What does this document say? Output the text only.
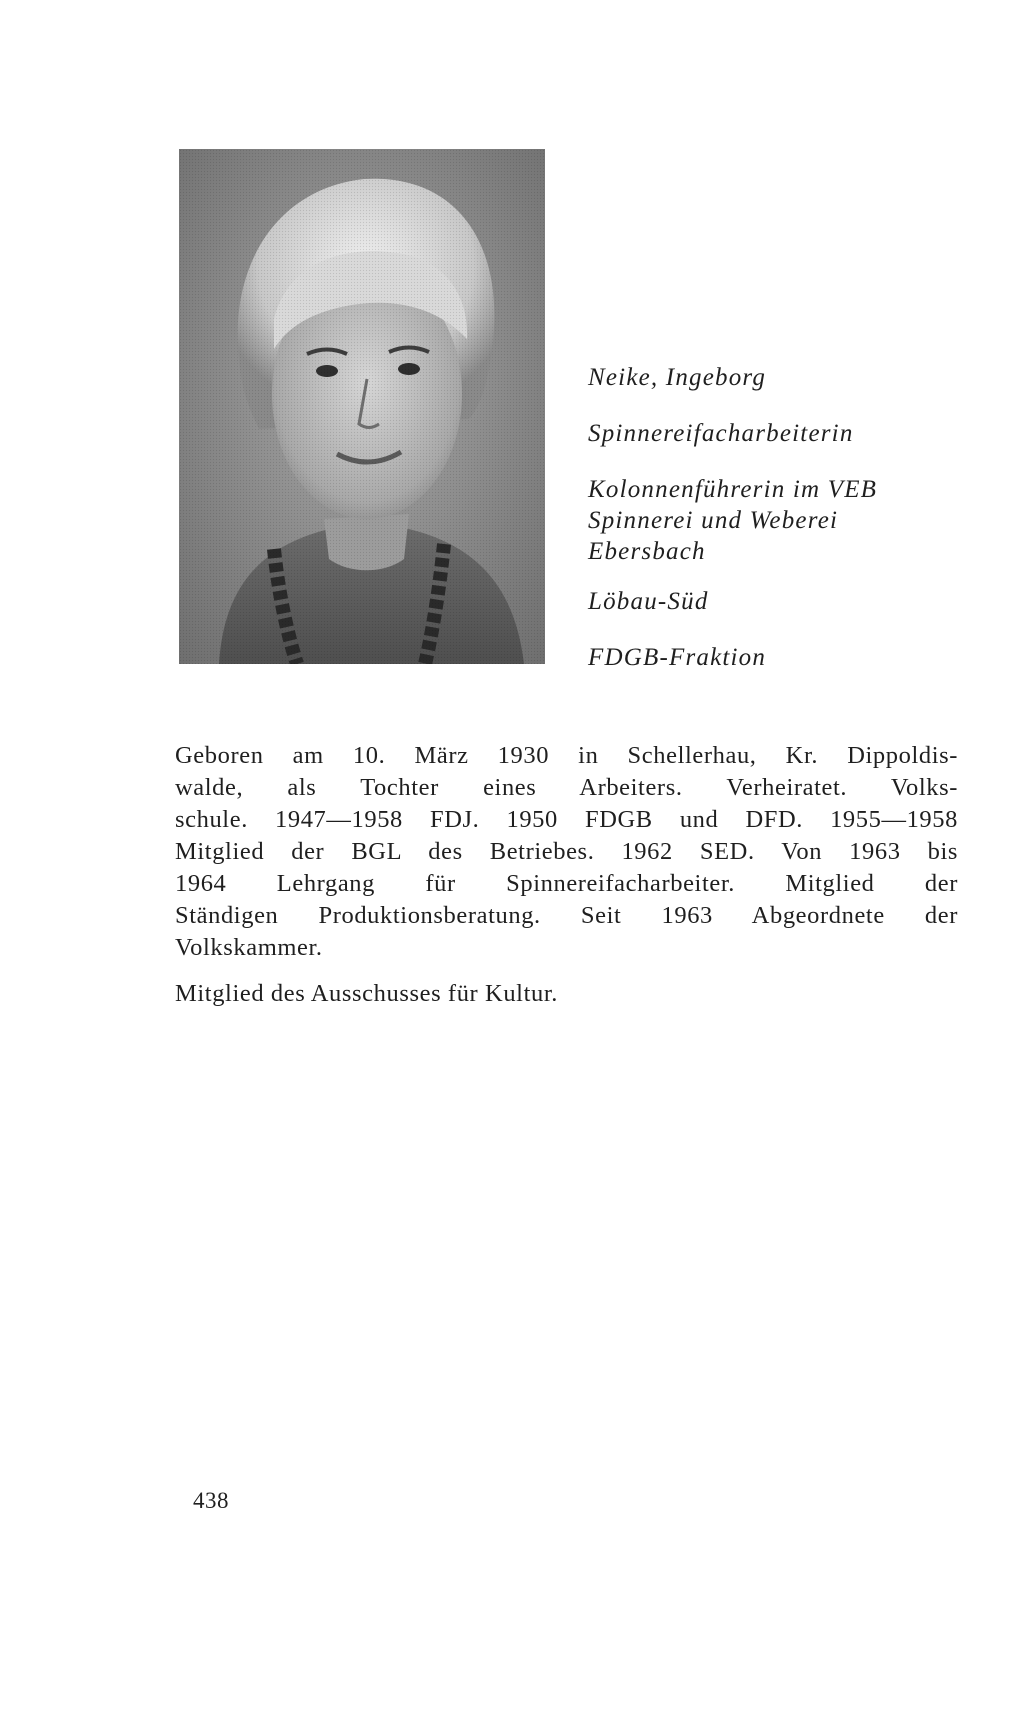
Neike, Ingeborg

Spinnereifacharbeiterin

Kolonnenführerin im VEB
Spinnerei und Weberei
Ebersbach

Löbau-Süd

FDGB-Fraktion

Geboren am 10. März 1930 in Schellerhau, Kr. Dippoldis-
walde, als Tochter eines Arbeiters. Verheiratet. Volks-
schule. 1947—1958 FDJ. 1950 FDGB und DFD. 1955—1958
Mitglied der BGL des Betriebes. 1962 SED. Von 1963 bis
1964 Lehrgang für Spinnereifacharbeiter. Mitglied der
Ständigen Produktionsberatung. Seit 1963 Abgeordnete der
Volkskammer.
Mitglied des Ausschusses für Kultur.
438
